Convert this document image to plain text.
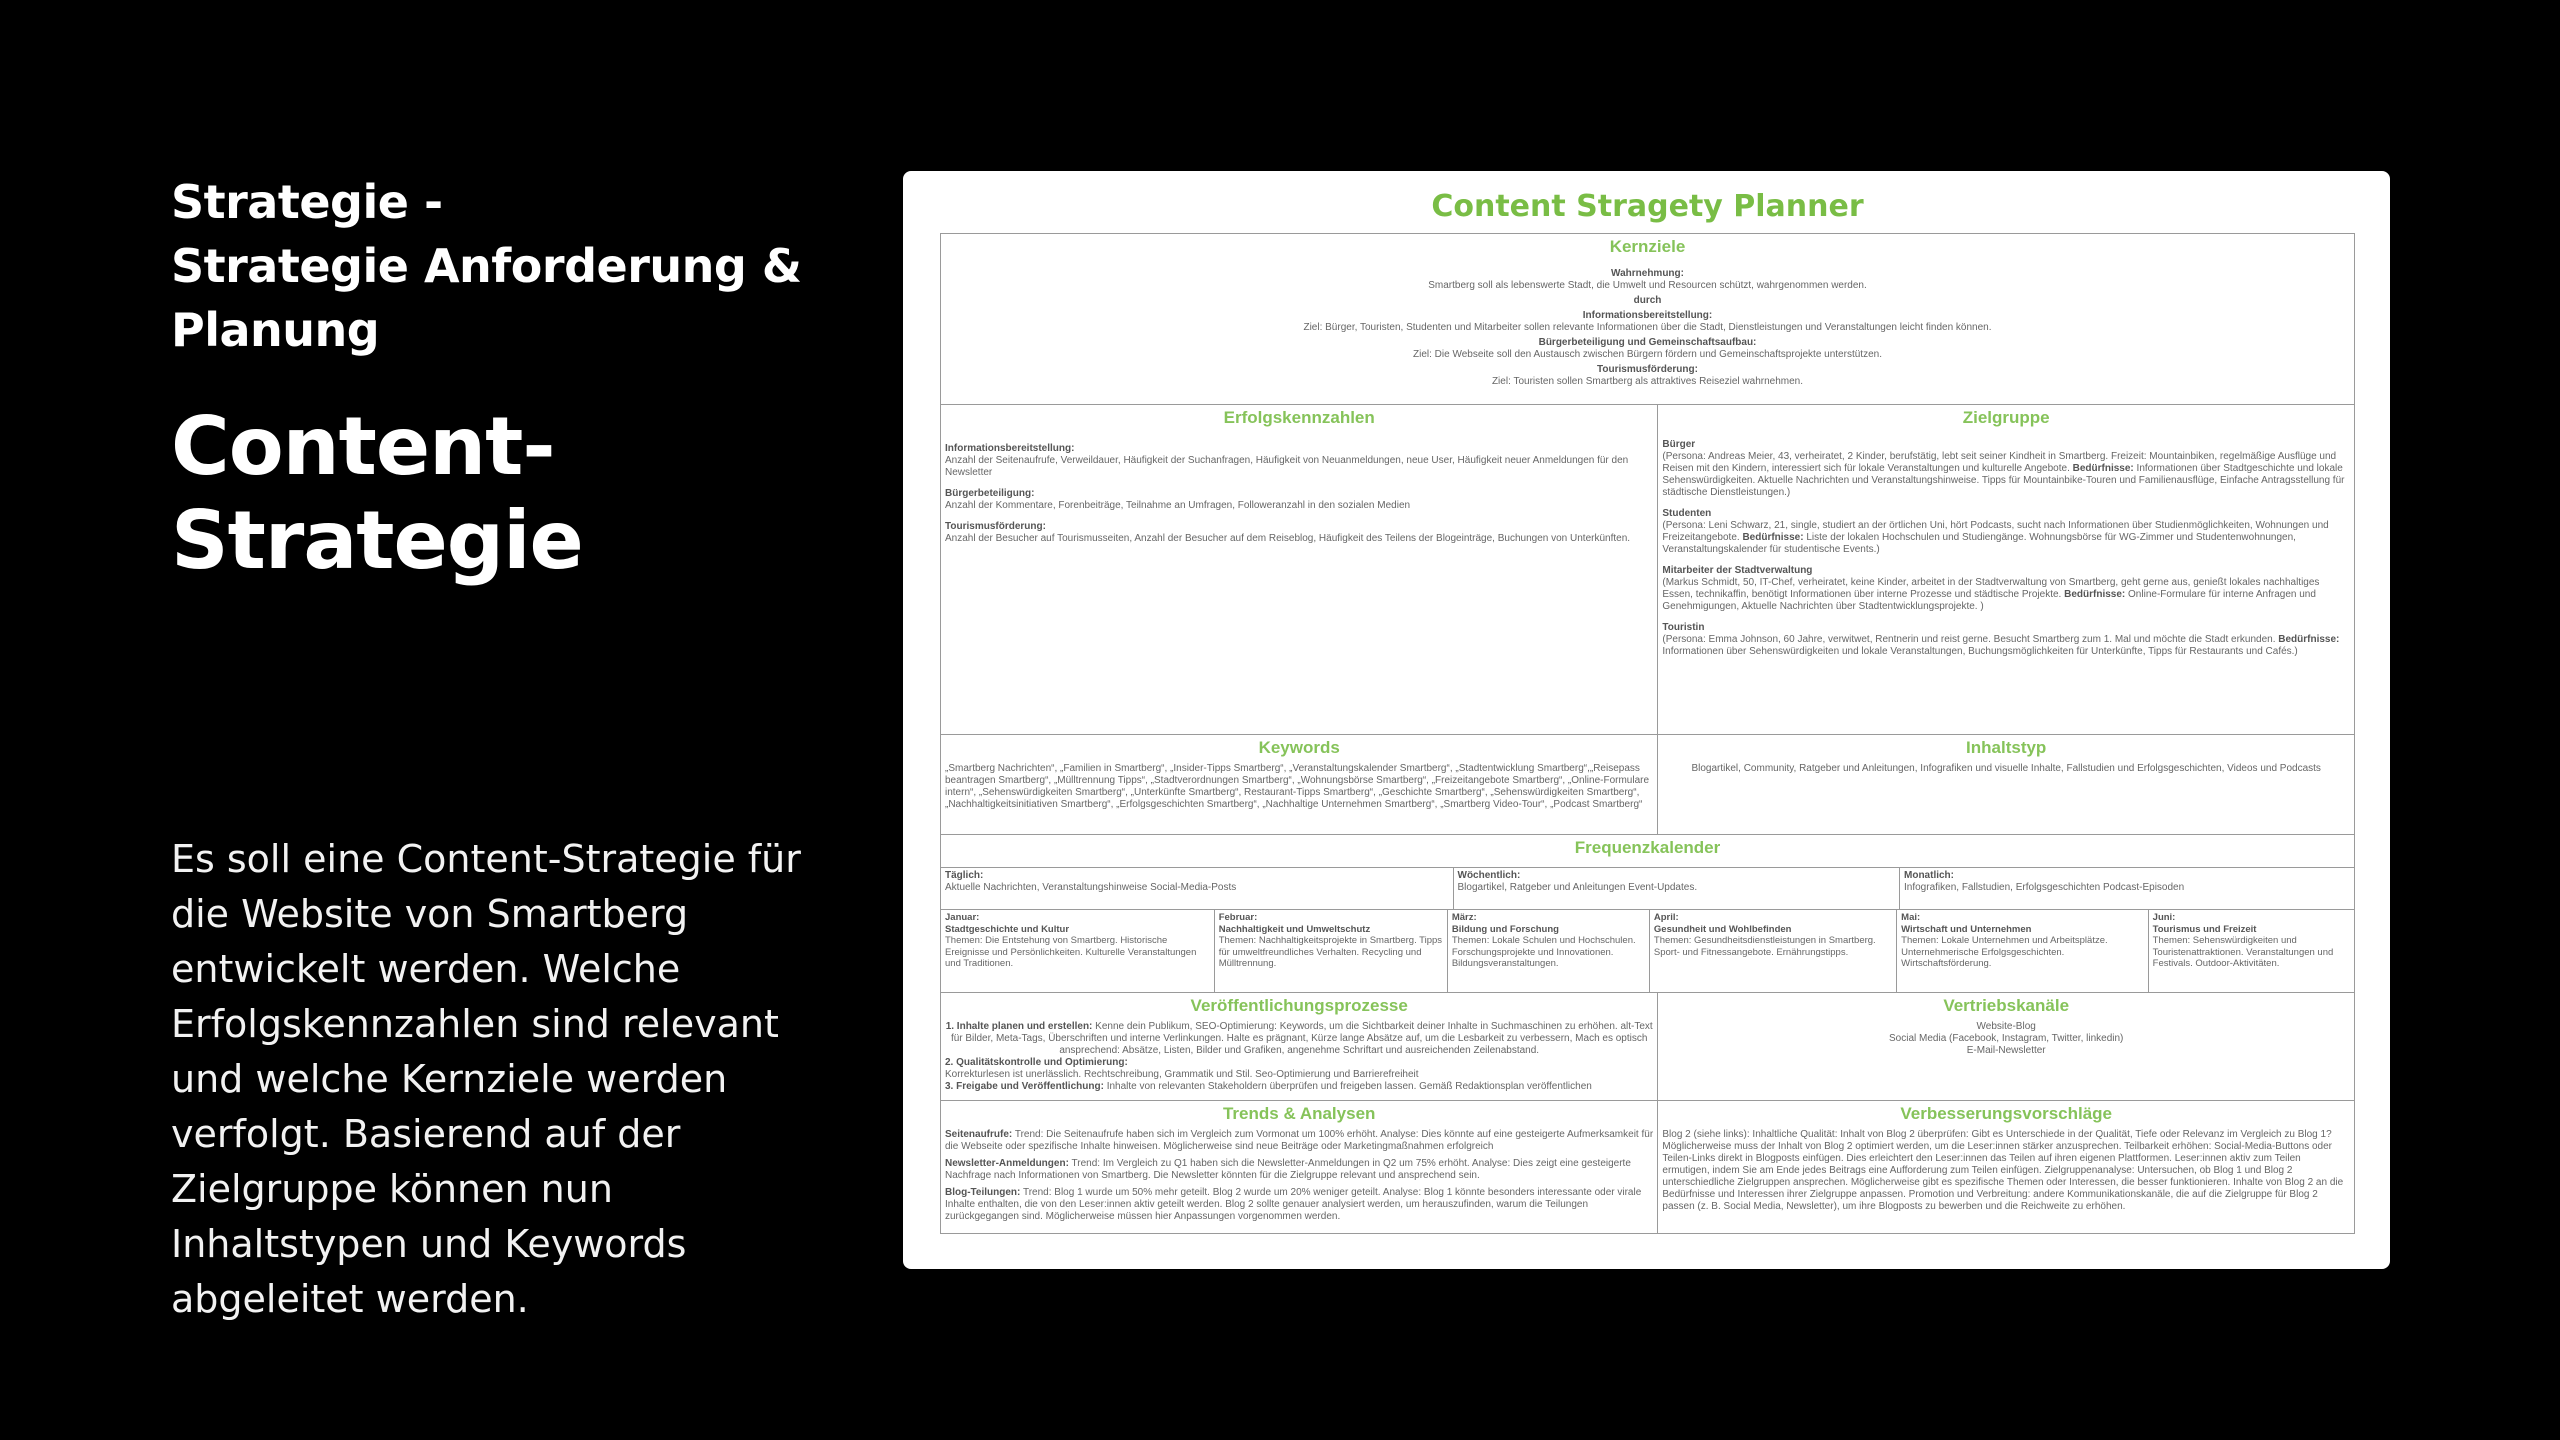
Strategie -
Strategie Anforderung &
Planung
Content-
Strategie
Es soll eine Content-Strategie für die Website von Smartberg entwickelt werden. Welche Erfolgskennzahlen sind relevant und welche Kernziele werden verfolgt. Basierend auf der Zielgruppe können nun Inhaltstypen und Keywords abgeleitet werden.
Content Stragety Planner
Kernziele
Wahrnehmung:
Smartberg soll als lebenswerte Stadt, die Umwelt und Resourcen schützt, wahrgenommen werden.
durch
Informationsbereitstellung:
Ziel: Bürger, Touristen, Studenten und Mitarbeiter sollen relevante Informationen über die Stadt, Dienstleistungen und Veranstaltungen leicht finden können.
Bürgerbeteiligung und Gemeinschaftsaufbau:
Ziel: Die Webseite soll den Austausch zwischen Bürgern fördern und Gemeinschaftsprojekte unterstützen.
Tourismusförderung:
Ziel: Touristen sollen Smartberg als attraktives Reiseziel wahrnehmen.
Erfolgskennzahlen
Informationsbereitstellung:
Anzahl der Seitenaufrufe, Verweildauer, Häufigkeit der Suchanfragen, Häufigkeit von Neuanmeldungen, neue User, Häufigkeit neuer Anmeldungen für den Newsletter
Bürgerbeteiligung:
Anzahl der Kommentare, Forenbeiträge, Teilnahme an Umfragen, Followeranzahl in den sozialen Medien
Tourismusförderung:
Anzahl der Besucher auf Tourismusseiten, Anzahl der Besucher auf dem Reiseblog, Häufigkeit des Teilens der Blogeinträge, Buchungen von Unterkünften.
Zielgruppe
Bürger
(Persona: Andreas Meier, 43, verheiratet, 2 Kinder, berufstätig, lebt seit seiner Kindheit in Smartberg. Freizeit: Mountainbiken, regelmäßige Ausflüge und Reisen mit den Kindern, interessiert sich für lokale Veranstaltungen und kulturelle Angebote. Bedürfnisse: Informationen über Stadtgeschichte und lokale Sehenswürdigkeiten. Aktuelle Nachrichten und Veranstaltungshinweise. Tipps für Mountainbike-Touren und Familienausflüge, Einfache Antragsstellung für städtische Dienstleistungen.)
Studenten
(Persona: Leni Schwarz, 21, single, studiert an der örtlichen Uni, hört Podcasts, sucht nach Informationen über Studienmöglichkeiten, Wohnungen und Freizeitangebote. Bedürfnisse: Liste der lokalen Hochschulen und Studiengänge. Wohnungsbörse für WG-Zimmer und Studentenwohnungen, Veranstaltungskalender für studentische Events.)
Mitarbeiter der Stadtverwaltung
(Markus Schmidt, 50, IT-Chef, verheiratet, keine Kinder, arbeitet in der Stadtverwaltung von Smartberg, geht gerne aus, genießt lokales nachhaltiges Essen, technikaffin, benötigt Informationen über interne Prozesse und städtische Projekte. Bedürfnisse: Online-Formulare für interne Anfragen und Genehmigungen, Aktuelle Nachrichten über Stadtentwicklungsprojekte. )
Touristin
(Persona: Emma Johnson, 60 Jahre, verwitwet, Rentnerin und reist gerne. Besucht Smartberg zum 1. Mal und möchte die Stadt erkunden. Bedürfnisse: Informationen über Sehenswürdigkeiten und lokale Veranstaltungen, Buchungsmöglichkeiten für Unterkünfte, Tipps für Restaurants und Cafés.)
Keywords
„Smartberg Nachrichten“, „Familien in Smartberg“, „Insider-Tipps Smartberg“, „Veranstaltungskalender Smartberg“, „Stadtentwicklung Smartberg“,„Reisepass beantragen Smartberg“, „Mülltrennung Tipps“, „Stadtverordnungen Smartberg“, „Wohnungsbörse Smartberg“, „Freizeitangebote Smartberg“, „Online-Formulare intern“, „Sehenswürdigkeiten Smartberg“, „Unterkünfte Smartberg“, Restaurant-Tipps Smartberg“, „Geschichte Smartberg“, „Sehenswürdigkeiten Smartberg“, „Nachhaltigkeitsinitiativen Smartberg“, „Erfolgsgeschichten Smartberg“, „Nachhaltige Unternehmen Smartberg“, „Smartberg Video-Tour“, „Podcast Smartberg“
Inhaltstyp
Blogartikel, Community, Ratgeber und Anleitungen, Infografiken und visuelle Inhalte, Fallstudien und Erfolgsgeschichten, Videos und Podcasts
Frequenzkalender
Täglich:
Aktuelle Nachrichten, Veranstaltungshinweise Social-Media-Posts
Wöchentlich:
Blogartikel, Ratgeber und Anleitungen Event-Updates.
Monatlich:
Infografiken, Fallstudien, Erfolgsgeschichten Podcast-Episoden
Januar:
Stadtgeschichte und Kultur
Themen: Die Entstehung von Smartberg. Historische Ereignisse und Persönlichkeiten. Kulturelle Veranstaltungen und Traditionen.
Februar:
Nachhaltigkeit und Umweltschutz
Themen: Nachhaltigkeitsprojekte in Smartberg. Tipps für umweltfreundliches Verhalten. Recycling und Mülltrennung.
März:
Bildung und Forschung
Themen: Lokale Schulen und Hochschulen. Forschungsprojekte und Innovationen. Bildungsveranstaltungen.
April:
Gesundheit und Wohlbefinden
Themen: Gesundheitsdienstleistungen in Smartberg. Sport- und Fitnessangebote. Ernährungstipps.
Mai:
Wirtschaft und Unternehmen
Themen: Lokale Unternehmen und Arbeitsplätze. Unternehmerische Erfolgsgeschichten. Wirtschaftsförderung.
Juni:
Tourismus und Freizeit
Themen: Sehenswürdigkeiten und Touristenattraktionen. Veranstaltungen und Festivals. Outdoor-Aktivitäten.
Veröffentlichungsprozesse
1. Inhalte planen und erstellen: Kenne dein Publikum, SEO-Optimierung: Keywords, um die Sichtbarkeit deiner Inhalte in Suchmaschinen zu erhöhen. alt-Text für Bilder, Meta-Tags, Überschriften und interne Verlinkungen. Halte es prägnant, Kürze lange Absätze auf, um die Lesbarkeit zu verbessern, Mach es optisch ansprechend: Absätze, Listen, Bilder und Grafiken, angenehme Schriftart und ausreichenden Zeilenabstand.
2. Qualitätskontrolle und Optimierung:
Korrekturlesen ist unerlässlich. Rechtschreibung, Grammatik und Stil. Seo-Optimierung und Barrierefreiheit
3. Freigabe und Veröffentlichung: Inhalte von relevanten Stakeholdern überprüfen und freigeben lassen. Gemäß Redaktionsplan veröffentlichen
Vertriebskanäle
Website-Blog
Social Media (Facebook, Instagram, Twitter, linkedin)
E-Mail-Newsletter
Trends & Analysen
Seitenaufrufe: Trend: Die Seitenaufrufe haben sich im Vergleich zum Vormonat um 100% erhöht. Analyse: Dies könnte auf eine gesteigerte Aufmerksamkeit für die Webseite oder spezifische Inhalte hinweisen. Möglicherweise sind neue Beiträge oder Marketingmaßnahmen erfolgreich
Newsletter-Anmeldungen: Trend: Im Vergleich zu Q1 haben sich die Newsletter-Anmeldungen in Q2 um 75% erhöht. Analyse: Dies zeigt eine gesteigerte Nachfrage nach Informationen von Smartberg. Die Newsletter könnten für die Zielgruppe relevant und ansprechend sein.
Blog-Teilungen: Trend: Blog 1 wurde um 50% mehr geteilt. Blog 2 wurde um 20% weniger geteilt. Analyse: Blog 1 könnte besonders interessante oder virale Inhalte enthalten, die von den Leser:innen aktiv geteilt werden. Blog 2 sollte genauer analysiert werden, um herauszufinden, warum die Teilungen zurückgegangen sind. Möglicherweise müssen hier Anpassungen vorgenommen werden.
Verbesserungsvorschläge
Blog 2 (siehe links): Inhaltliche Qualität: Inhalt von Blog 2 überprüfen: Gibt es Unterschiede in der Qualität, Tiefe oder Relevanz im Vergleich zu Blog 1? Möglicherweise muss der Inhalt von Blog 2 optimiert werden, um die Leser:innen stärker anzusprechen. Teilbarkeit erhöhen: Social-Media-Buttons oder Teilen-Links direkt in Blogposts einfügen. Dies erleichtert den Leser:innen das Teilen auf ihren eigenen Plattformen. Leser:innen aktiv zum Teilen ermutigen, indem Sie am Ende jedes Beitrags eine Aufforderung zum Teilen einfügen. Zielgruppenanalyse: Untersuchen, ob Blog 1 und Blog 2 unterschiedliche Zielgruppen ansprechen. Möglicherweise gibt es spezifische Themen oder Interessen, die besser funktionieren. Inhalte von Blog 2 an die Bedürfnisse und Interessen ihrer Zielgruppe anpassen. Promotion und Verbreitung: andere Kommunikationskanäle, die auf die Zielgruppe für Blog 2 passen (z. B. Social Media, Newsletter), um ihre Blogposts zu bewerben und die Reichweite zu erhöhen.
